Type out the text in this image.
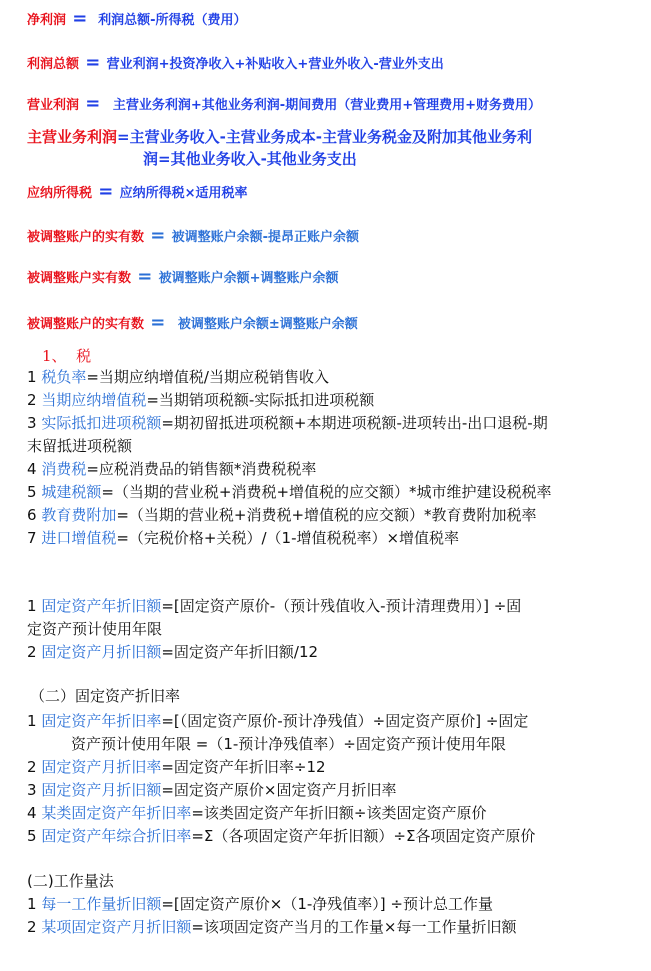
净利润 =  利润总额-所得税（费用）
利润总额 = 营业利润+投资净收入+补贴收入+营业外收入-营业外支出
营业利润 =  主营业务利润+其他业务利润-期间费用（营业费用+管理费用+财务费用）
主营业务利润=主营业务收入-主营业务成本-主营业务税金及附加其他业务利
润=其他业务收入-其他业务支出
应纳所得税 = 应纳所得税×适用税率
被调整账户的实有数 = 被调整账户余额-提昂正账户余额
被调整账户实有数 = 被调整账户余额+调整账户余额
被调整账户的实有数 =  被调整账户余额±调整账户余额
1、  税
1 税负率=当期应纳增值税/当期应税销售收入
2 当期应纳增值税=当期销项税额-实际抵扣进项税额
3 实际抵扣进项税额=期初留抵进项税额+本期进项税额-进项转出-出口退税-期
末留抵进项税额
4 消费税=应税消费品的销售额*消费税税率
5 城建税额=（当期的营业税+消费税+增值税的应交额）*城市维护建设税税率
6 教育费附加=（当期的营业税+消费税+增值税的应交额）*教育费附加税率
7 进口增值税=（完税价格+关税）/（1-增值税税率）×增值税率
1 固定资产年折旧额=[固定资产原价-（预计残值收入-预计清理费用）] ÷固
定资产预计使用年限
2 固定资产月折旧额=固定资产年折旧额/12
（二）固定资产折旧率
1 固定资产年折旧率=[（固定资产原价-预计净残值）÷固定资产原价] ÷固定
资产预计使用年限 =（1-预计净残值率）÷固定资产预计使用年限
2 固定资产月折旧率=固定资产年折旧率÷12
3 固定资产月折旧额=固定资产原价×固定资产月折旧率
4 某类固定资产年折旧率=该类固定资产年折旧额÷该类固定资产原价
5 固定资产年综合折旧率=Σ（各项固定资产年折旧额）÷Σ各项固定资产原价
(二)工作量法
1 每一工作量折旧额=[固定资产原价×（1-净残值率）] ÷预计总工作量
2 某项固定资产月折旧额=该项固定资产当月的工作量×每一工作量折旧额
